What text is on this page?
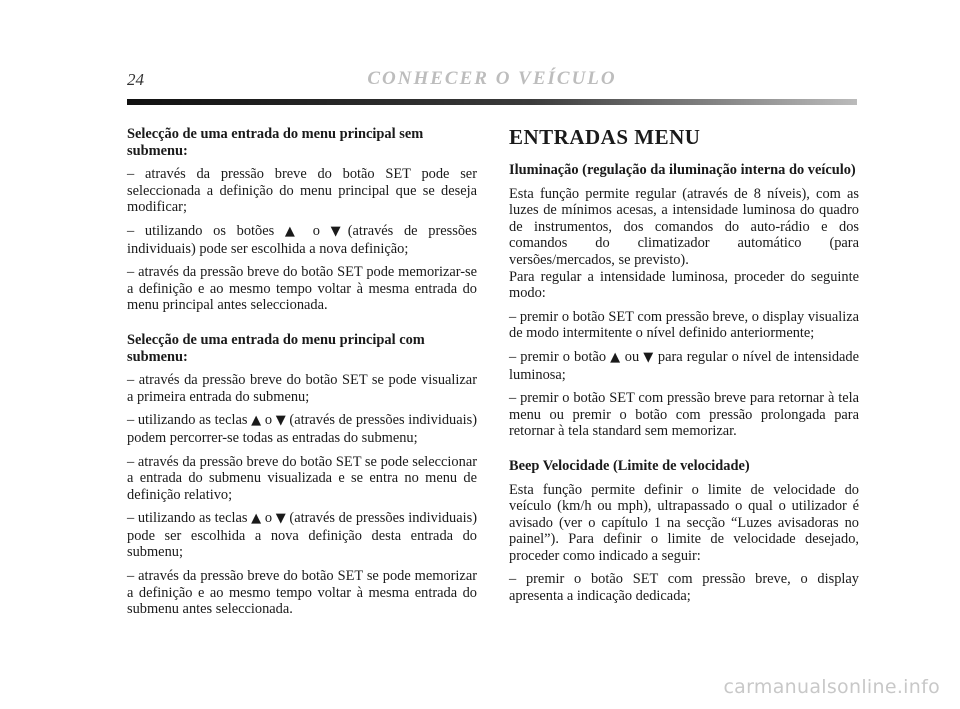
24	CONHECER O VEÍCULO
Selecção de uma entrada do menu principal sem submenu:

– através da pressão breve do botão SET pode ser seleccionada a definição do menu principal que se deseja modificar;

– utilizando os botões ▲ o ▼(através de pressões individuais) pode ser escolhida a nova definição;

– através da pressão breve do botão SET pode memorizar-se a definição e ao mesmo tempo voltar à mesma entrada do menu principal antes seleccionada.

Selecção de uma entrada do menu principal com submenu:

– através da pressão breve do botão SET se pode visualizar a primeira entrada do submenu;

– utilizando as teclas ▲ o ▼ (através de pressões individuais) podem percorrer-se todas as entradas do submenu;

– através da pressão breve do botão SET se pode seleccionar a entrada do submenu visualizada e se entra no menu de definição relativo;

– utilizando as teclas ▲ o ▼ (através de pressões individuais) pode ser escolhida a nova definição desta entrada do submenu;

– através da pressão breve do botão SET se pode memorizar a definição e ao mesmo tempo voltar à mesma entrada do submenu antes seleccionada.

ENTRADAS MENU
Iluminação (regulação da iluminação interna do veículo)

Esta função permite regular (através de 8 níveis), com as luzes de mínimos acesas, a intensidade luminosa do quadro de instrumentos, dos comandos do auto-rádio e dos comandos do climatizador automático (para versões/mercados, se previsto).

Para regular a intensidade luminosa, proceder do seguinte modo:

– premir o botão SET com pressão breve, o display visualiza de modo intermitente o nível definido anteriormente;

– premir o botão ▲ ou ▼ para regular o nível de intensidade luminosa;

– premir o botão SET com pressão breve para retornar à tela menu ou premir o botão com pressão prolongada para retornar à tela standard sem memorizar.

Beep Velocidade (Limite de velocidade)

Esta função permite definir o limite de velocidade do veículo (km/h ou mph), ultrapassado o qual o utilizador é avisado (ver o capítulo 1 na secção “Luzes avisadoras no painel”). Para definir o limite de velocidade desejado, proceder como indicado a seguir:

– premir o botão SET com pressão breve, o display apresenta a indicação dedicada;

carmanualsonline.info
